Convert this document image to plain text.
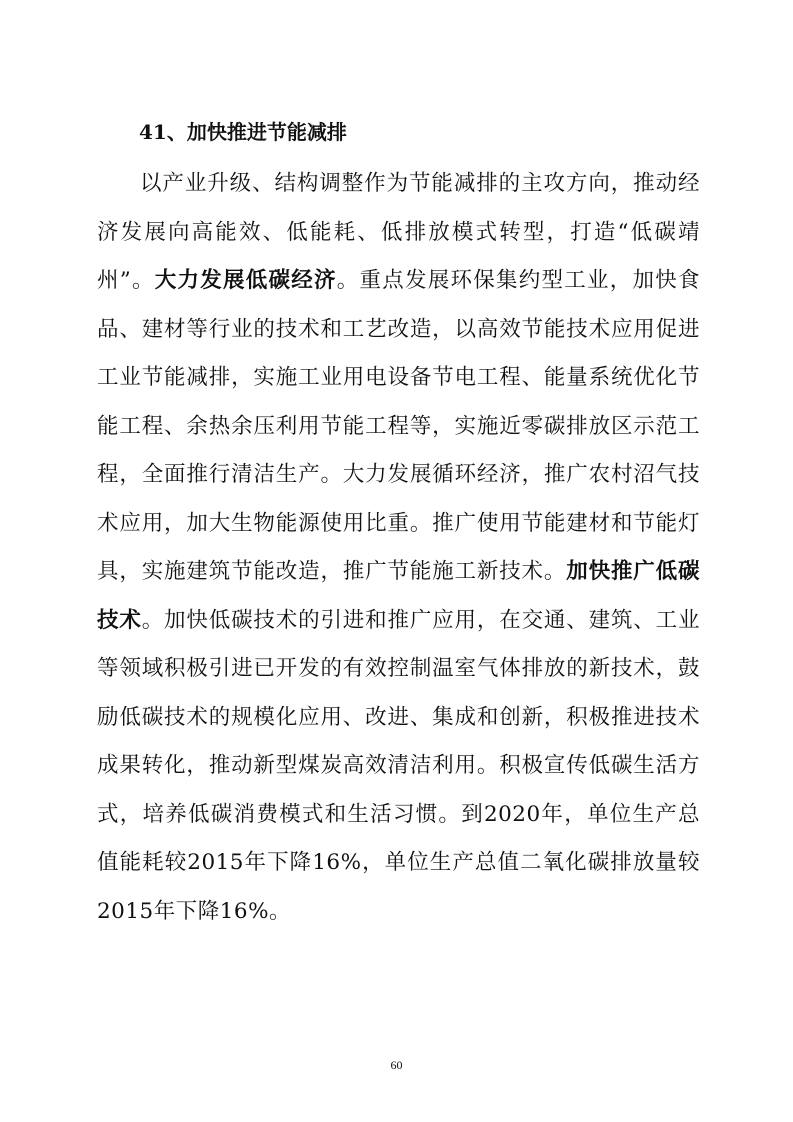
41、加快推进节能减排

以产业升级、结构调整作为节能减排的主攻方向，推动经济发展向高能效、低能耗、低排放模式转型，打造“低碳靖州”。大力发展低碳经济。重点发展环保集约型工业，加快食品、建材等行业的技术和工艺改造，以高效节能技术应用促进工业节能减排，实施工业用电设备节电工程、能量系统优化节能工程、余热余压利用节能工程等，实施近零碳排放区示范工程，全面推行清洁生产。大力发展循环经济，推广农村沼气技术应用，加大生物能源使用比重。推广使用节能建材和节能灯具，实施建筑节能改造，推广节能施工新技术。加快推广低碳技术。加快低碳技术的引进和推广应用，在交通、建筑、工业等领域积极引进已开发的有效控制温室气体排放的新技术，鼓励低碳技术的规模化应用、改进、集成和创新，积极推进技术成果转化，推动新型煤炭高效清洁利用。积极宣传低碳生活方式，培养低碳消费模式和生活习惯。到2020年，单位生产总值能耗较2015年下降16%，单位生产总值二氧化碳排放量较2015年下降16%。

60
